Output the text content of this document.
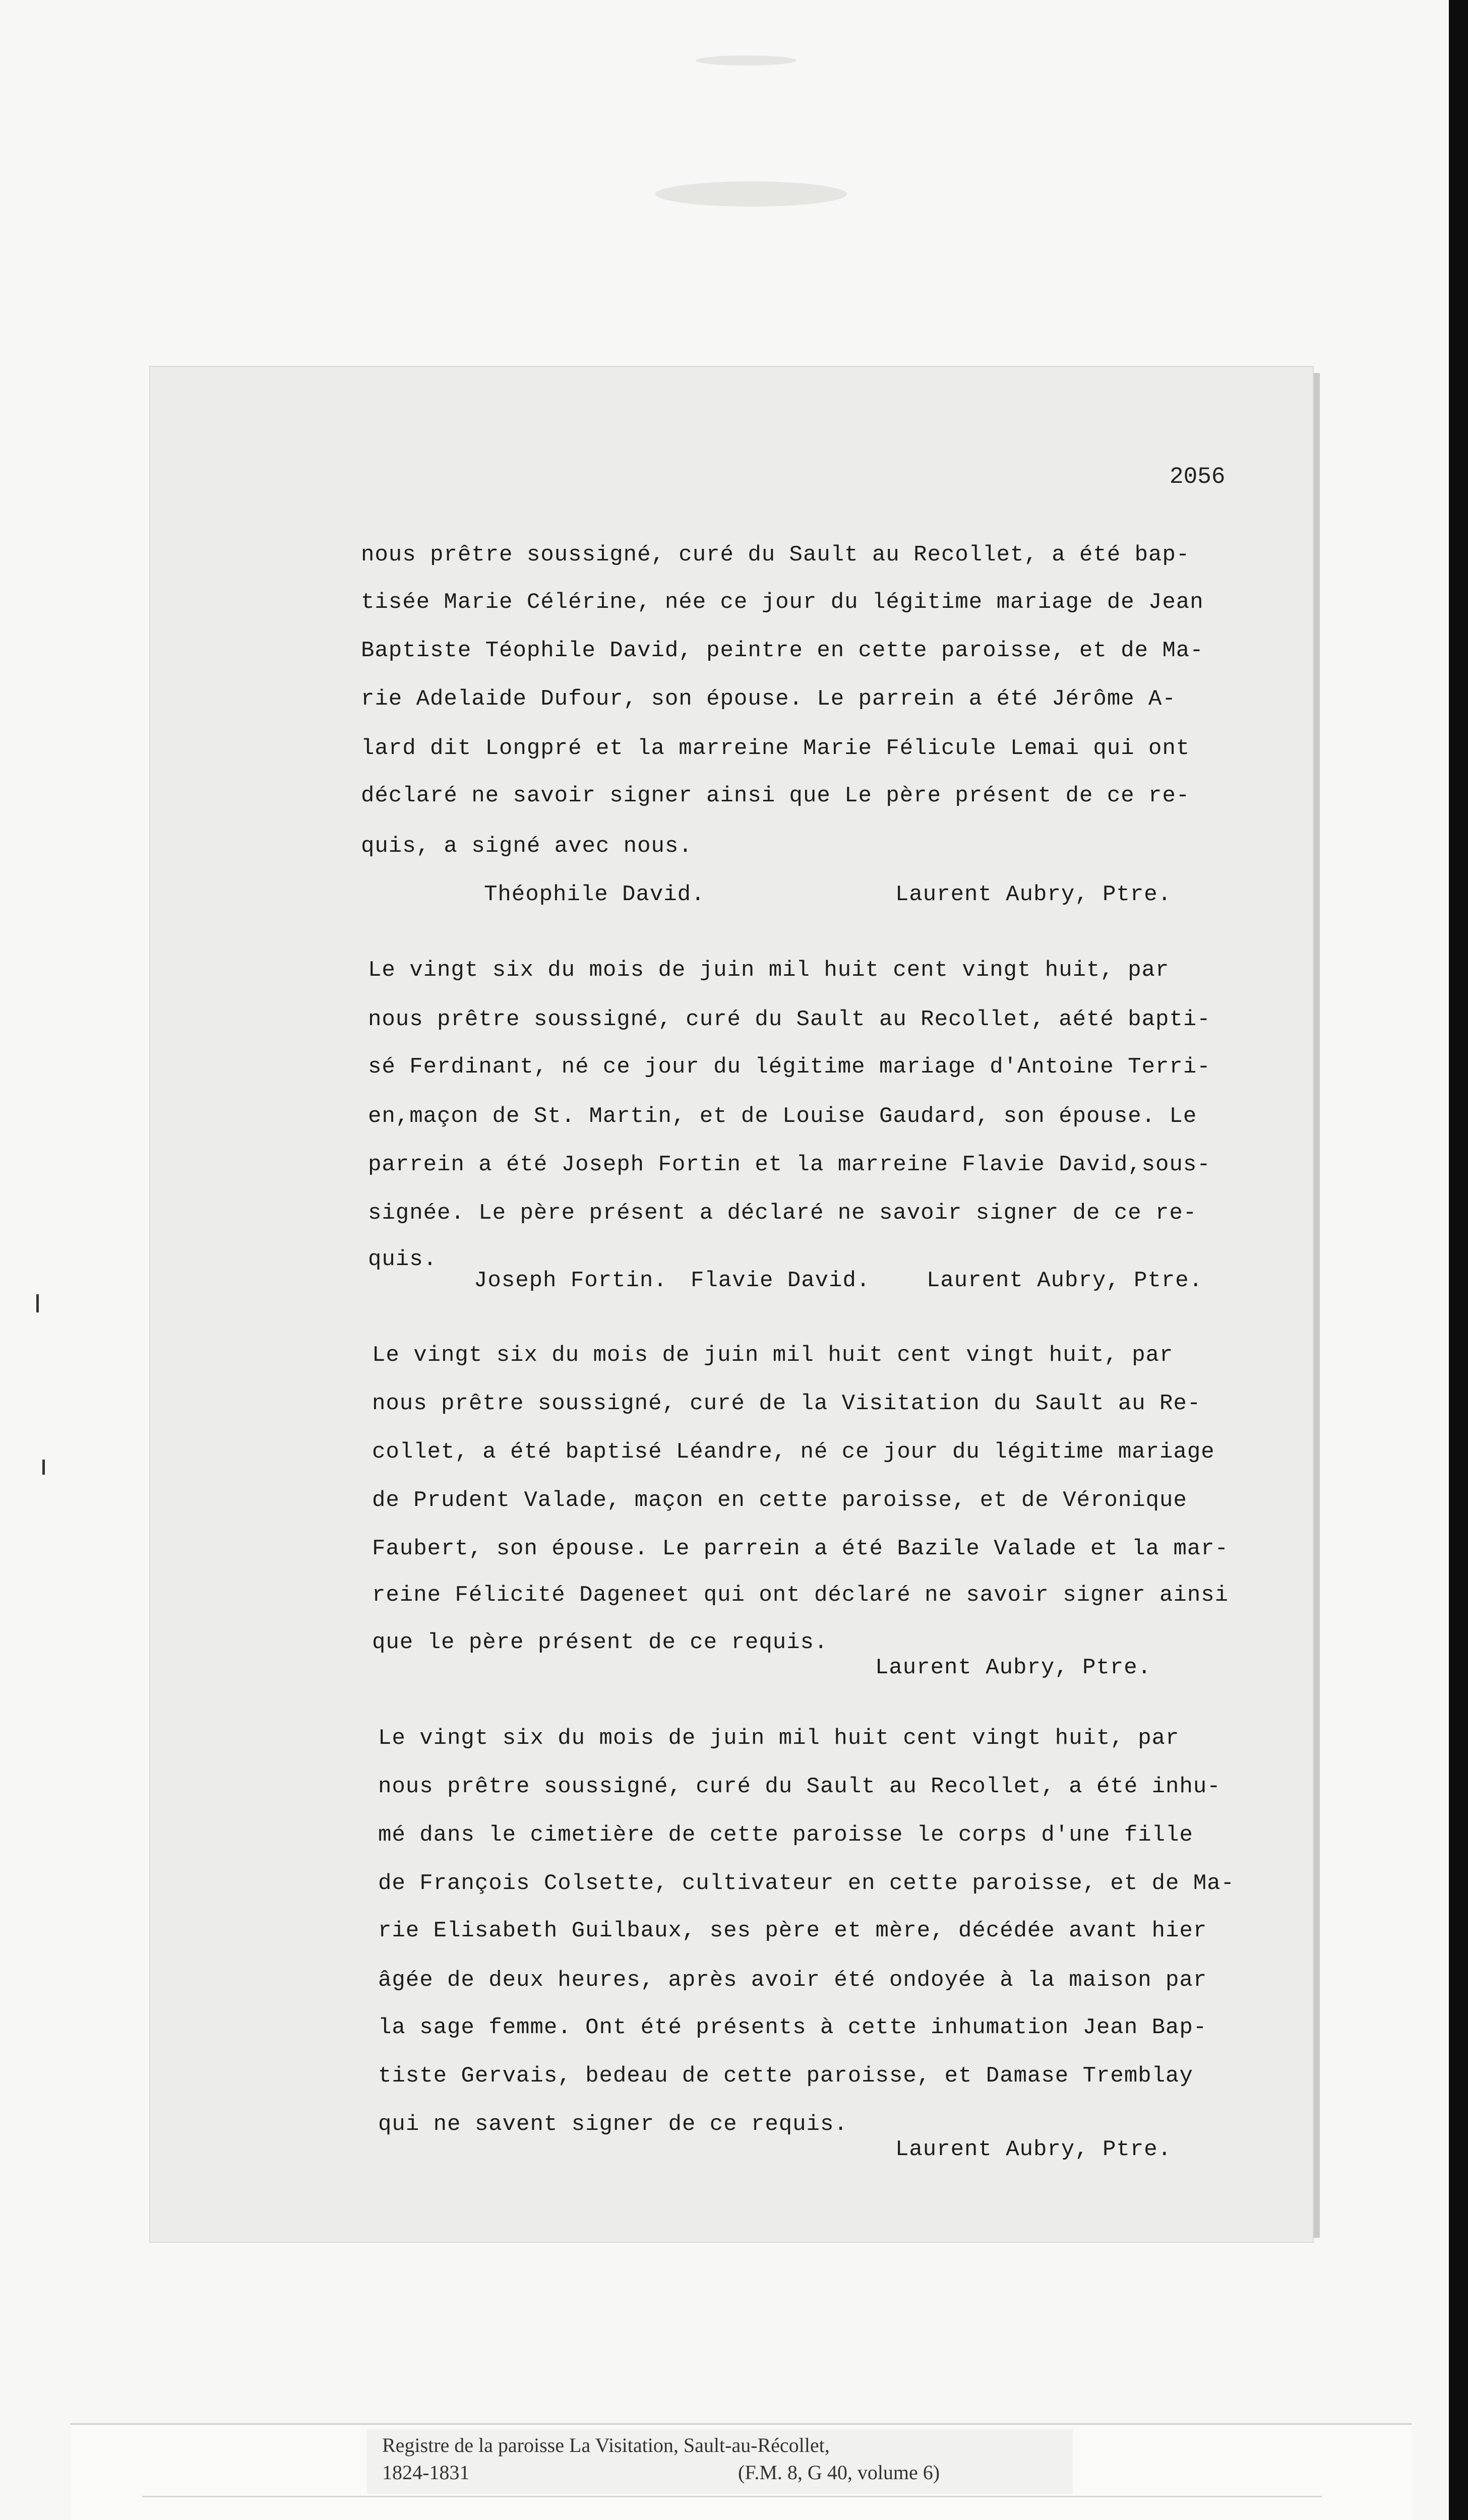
2056
nous prêtre soussigné, curé du Sault au Recollet, a été bap-
tisée Marie Célérine, née ce jour du légitime mariage de Jean
Baptiste Téophile David, peintre en cette paroisse, et de Ma-
rie Adelaide Dufour, son épouse. Le parrein a été Jérôme A-
lard dit Longpré et la marreine Marie Félicule Lemai qui ont
déclaré ne savoir signer ainsi que Le père présent de ce re-
quis, a signé avec nous.
Théophile David.	Laurent Aubry, Ptre.
Le vingt six du mois de juin mil huit cent vingt huit, par
nous prêtre soussigné, curé du Sault au Recollet, aété bapti-
sé Ferdinant, né ce jour du légitime mariage d'Antoine Terri-
en,maçon de St. Martin, et de Louise Gaudard, son épouse. Le
parrein a été Joseph Fortin et la marreine Flavie David,sous-
signée. Le père présent a déclaré ne savoir signer de ce re-
quis.
Joseph Fortin. Flavie David.	Laurent Aubry, Ptre.
Le vingt six du mois de juin mil huit cent vingt huit, par
nous prêtre soussigné, curé de la Visitation du Sault au Re-
collet, a été baptisé Léandre, né ce jour du légitime mariage
de Prudent Valade, maçon en cette paroisse, et de Véronique
Faubert, son épouse. Le parrein a été Bazile Valade et la mar-
reine Félicité Dageneet qui ont déclaré ne savoir signer ainsi
que le père présent de ce requis.
Laurent Aubry, Ptre.
Le vingt six du mois de juin mil huit cent vingt huit, par
nous prêtre soussigné, curé du Sault au Recollet, a été inhu-
mé dans le cimetière de cette paroisse le corps d'une fille
de François Colsette, cultivateur en cette paroisse, et de Ma-
rie Elisabeth Guilbaux, ses père et mère, décédée avant hier
âgée de deux heures, après avoir été ondoyée à la maison par
la sage femme. Ont été présents à cette inhumation Jean Bap-
tiste Gervais, bedeau de cette paroisse, et Damase Tremblay
qui ne savent signer de ce requis.
Laurent Aubry, Ptre.
Registre de la paroisse La Visitation, Sault-au-Récollet,
1824-1831	(F.M. 8, G 40, volume 6)
